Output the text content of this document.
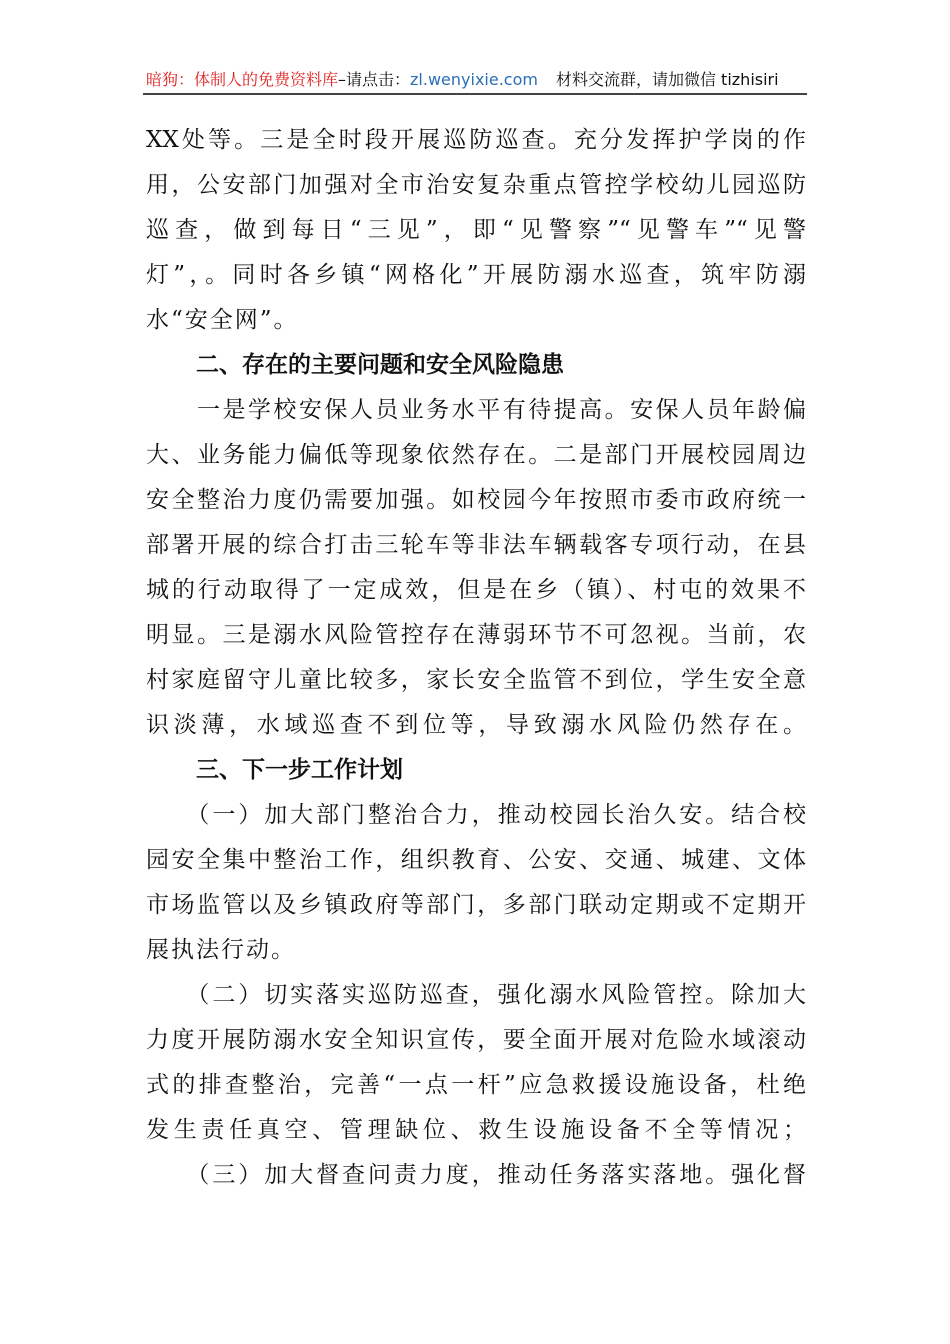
暗狗：体制人的免费资料库 –请点击： zl.wenyixie.com 材料交流群，请加微信 tizhisiri
XX处等。三是全时段开展巡防巡查。充分发挥护学岗的作
用，公安部门加强对全市治安复杂重点管控学校幼儿园巡防
巡查，做到每日“三见”，即“见警察”“见警车”“见警
灯”，。同时各乡镇“网格化”开展防溺水巡查，筑牢防溺
水“安全网”。
二、存在的主要问题和安全风险隐患
　　一是学校安保人员业务水平有待提高。安保人员年龄偏
大、业务能力偏低等现象依然存在。二是部门开展校园周边
安全整治力度仍需要加强。如校园今年按照市委市政府统一
部署开展的综合打击三轮车等非法车辆载客专项行动，在县
城的行动取得了一定成效，但是在乡（镇）、村屯的效果不
明显。三是溺水风险管控存在薄弱环节不可忽视。当前，农
村家庭留守儿童比较多，家长安全监管不到位，学生安全意
识淡薄，水域巡查不到位等，导致溺水风险仍然存在。
三、下一步工作计划
　　（一）加大部门整治合力，推动校园长治久安。结合校
园安全集中整治工作，组织教育、公安、交通、城建、文体
市场监管以及乡镇政府等部门，多部门联动定期或不定期开
展执法行动。
　　（二）切实落实巡防巡查，强化溺水风险管控。除加大
力度开展防溺水安全知识宣传，要全面开展对危险水域滚动
式的排查整治，完善“一点一杆”应急救援设施设备，杜绝
发生责任真空、管理缺位、救生设施设备不全等情况；
　　（三）加大督查问责力度，推动任务落实落地。强化督
